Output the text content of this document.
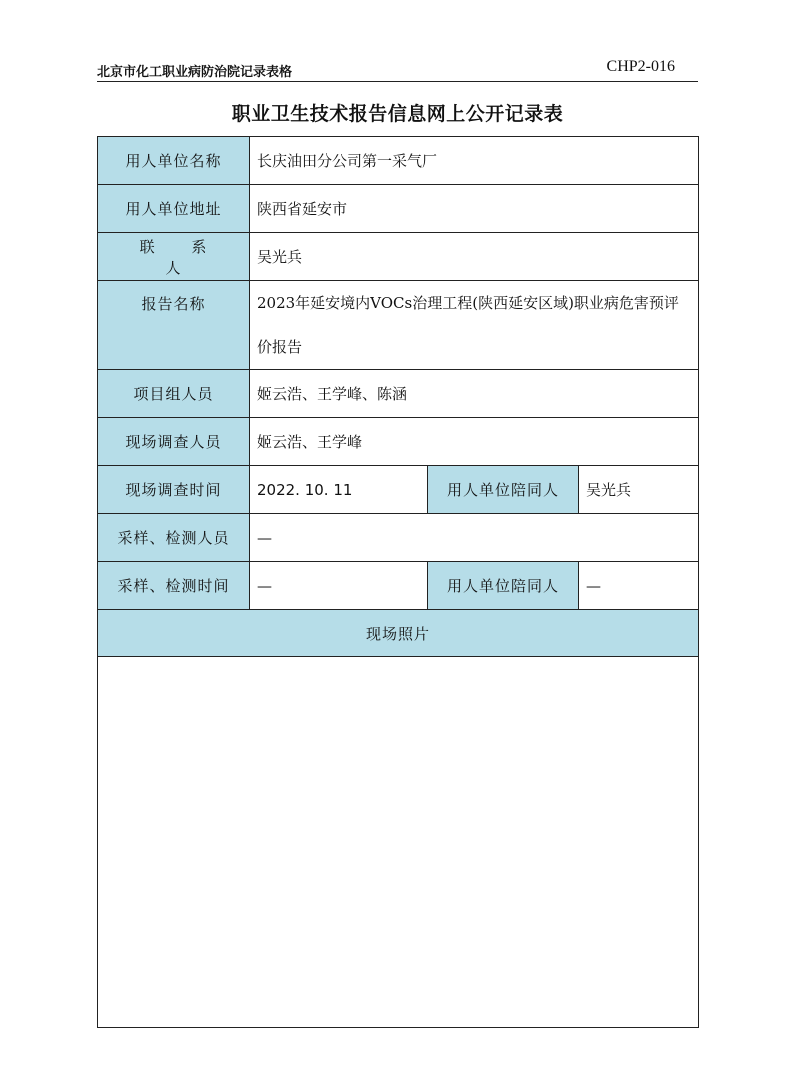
北京市化工职业病防治院记录表格	CHP2-016
职业卫生技术报告信息网上公开记录表
用人单位名称	长庆油田分公司第一采气厂		
用人单位地址	陕西省延安市		
联 系 人	吴光兵		
报告名称	2023年延安境内VOCs治理工程(陕西延安区域)职业病危害预评价报告		
项目组人员	姬云浩、王学峰、陈涵		
现场调查人员	姬云浩、王学峰		
现场调查时间	2022. 10. 11	用人单位陪同人	吴光兵
采样、检测人员	—		
采样、检测时间	—	用人单位陪同人	—
现场照片			
